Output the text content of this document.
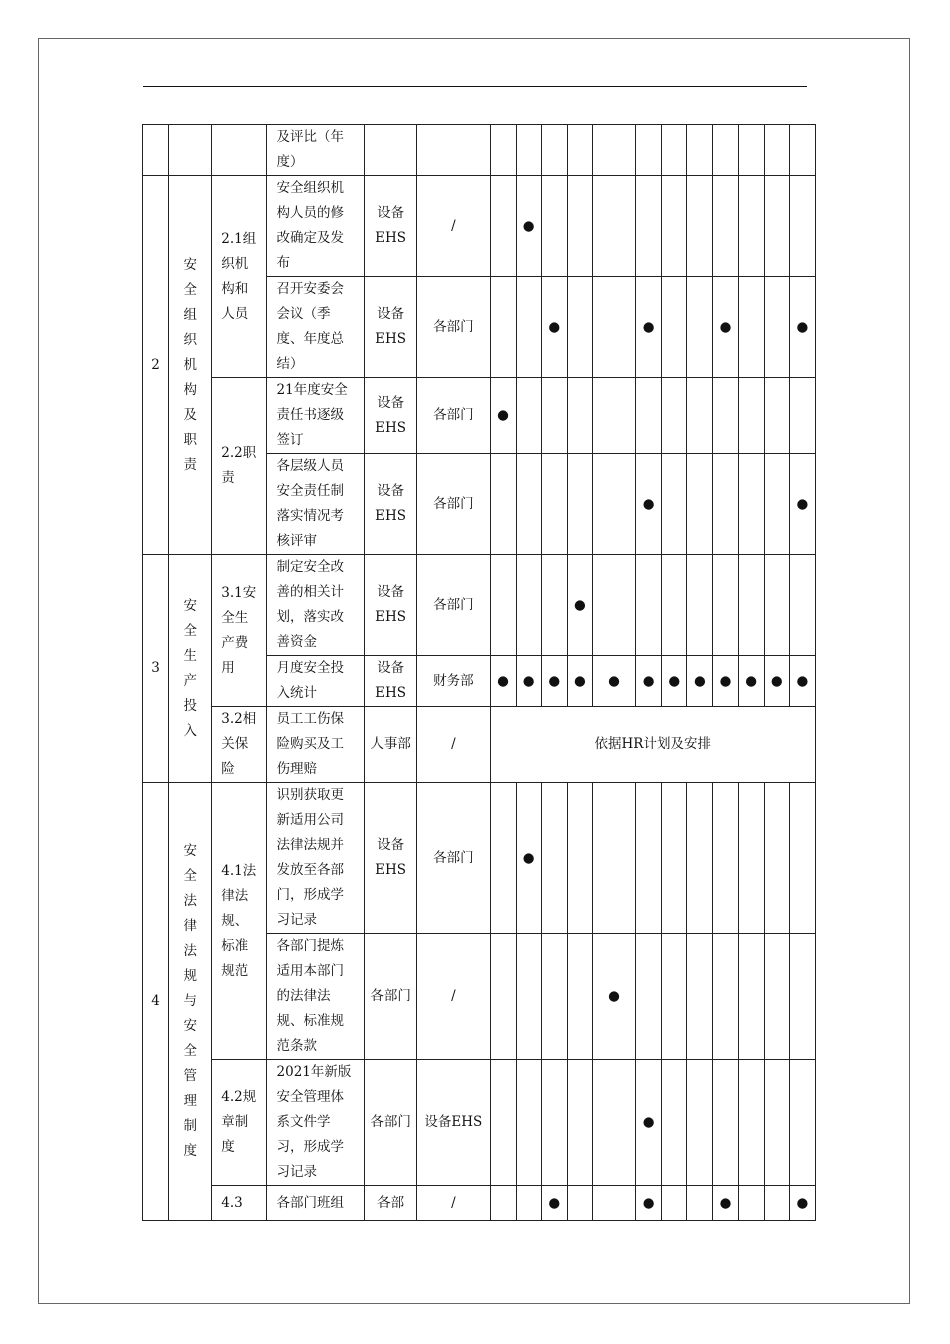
			及评比（年度）														
2	安全组织机构及职责	2.1组织机构和人员	安全组织机构人员的修改确定及发布	设备EHS	/		●										
			召开安委会会议（季度、年度总结）	设备EHS	各部门			●			●			●			●
		2.2职责	21年度安全责任书逐级签订	设备EHS	各部门	●											
			各层级人员安全责任制落实情况考核评审	设备EHS	各部门						●						●
3	安全生产投入	3.1安全生产费用	制定安全改善的相关计划，落实改善资金	设备EHS	各部门				●								
			月度安全投入统计	设备EHS	财务部	●	●	●	●	●	●	●	●	●	●	●	●
		3.2相关保险	员工工伤保险购买及工伤理赔	人事部	/	依据HR计划及安排											
4	安全法律法规与安全管理制度	4.1法律法规、标准规范	识别获取更新适用公司法律法规并发放至各部门，形成学习记录	设备EHS	各部门		●										
			各部门提炼适用本部门的法律法规、标准规范条款	各部门	/					●							
		4.2规章制度	2021年新版安全管理体系文件学习，形成学习记录	各部门	设备EHS						●						
		4.3	各部门班组	各部	/			●			●			●			●
